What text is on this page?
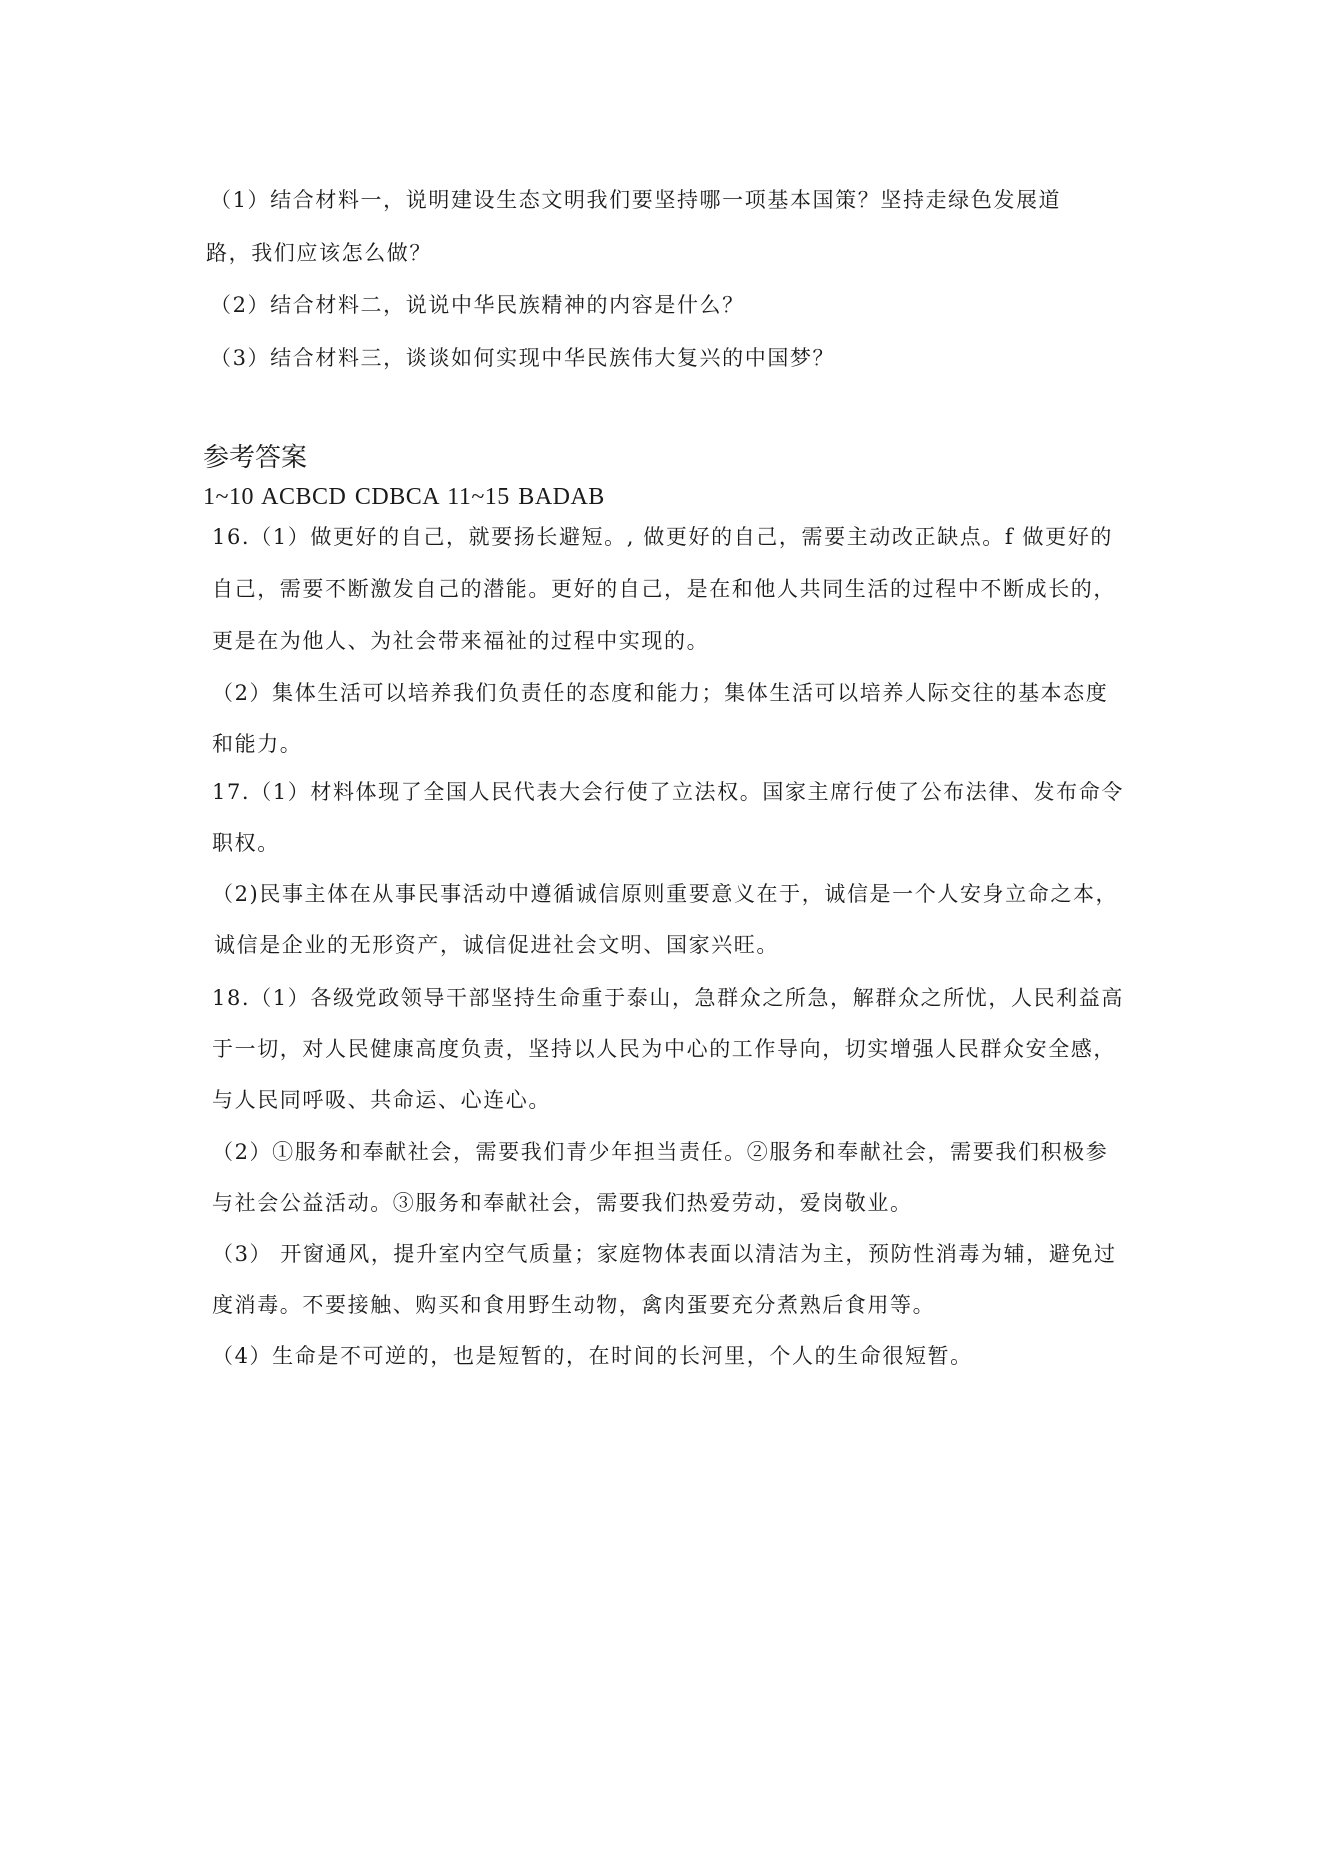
（1）结合材料一，说明建设生态文明我们要坚持哪一项基本国策？坚持走绿色发展道
路，我们应该怎么做？
（2）结合材料二，说说中华民族精神的内容是什么？
（3）结合材料三，谈谈如何实现中华民族伟大复兴的中国梦？
参考答案
1~10 ACBCD CDBCA 11~15 BADAB
16.（1）做更好的自己，就要扬长避短。, 做更好的自己，需要主动改正缺点。f 做更好的
自己，需要不断激发自己的潜能。更好的自己，是在和他人共同生活的过程中不断成长的，
更是在为他人、为社会带来福祉的过程中实现的。
（2）集体生活可以培养我们负责任的态度和能力；集体生活可以培养人际交往的基本态度
和能力。
17.（1）材料体现了全国人民代表大会行使了立法权。国家主席行使了公布法律、发布命令
职权。
（2)民事主体在从事民事活动中遵循诚信原则重要意义在于，诚信是一个人安身立命之本，
诚信是企业的无形资产，诚信促进社会文明、国家兴旺。
18.（1）各级党政领导干部坚持生命重于泰山，急群众之所急，解群众之所忧，人民利益高
于一切，对人民健康高度负责，坚持以人民为中心的工作导向，切实增强人民群众安全感，
与人民同呼吸、共命运、心连心。
（2）①服务和奉献社会，需要我们青少年担当责任。②服务和奉献社会，需要我们积极参
与社会公益活动。③服务和奉献社会，需要我们热爱劳动，爱岗敬业。
（3） 开窗通风，提升室内空气质量；家庭物体表面以清洁为主，预防性消毒为辅，避免过
度消毒。不要接触、购买和食用野生动物，禽肉蛋要充分煮熟后食用等。
（4）生命是不可逆的，也是短暂的，在时间的长河里，个人的生命很短暂。
